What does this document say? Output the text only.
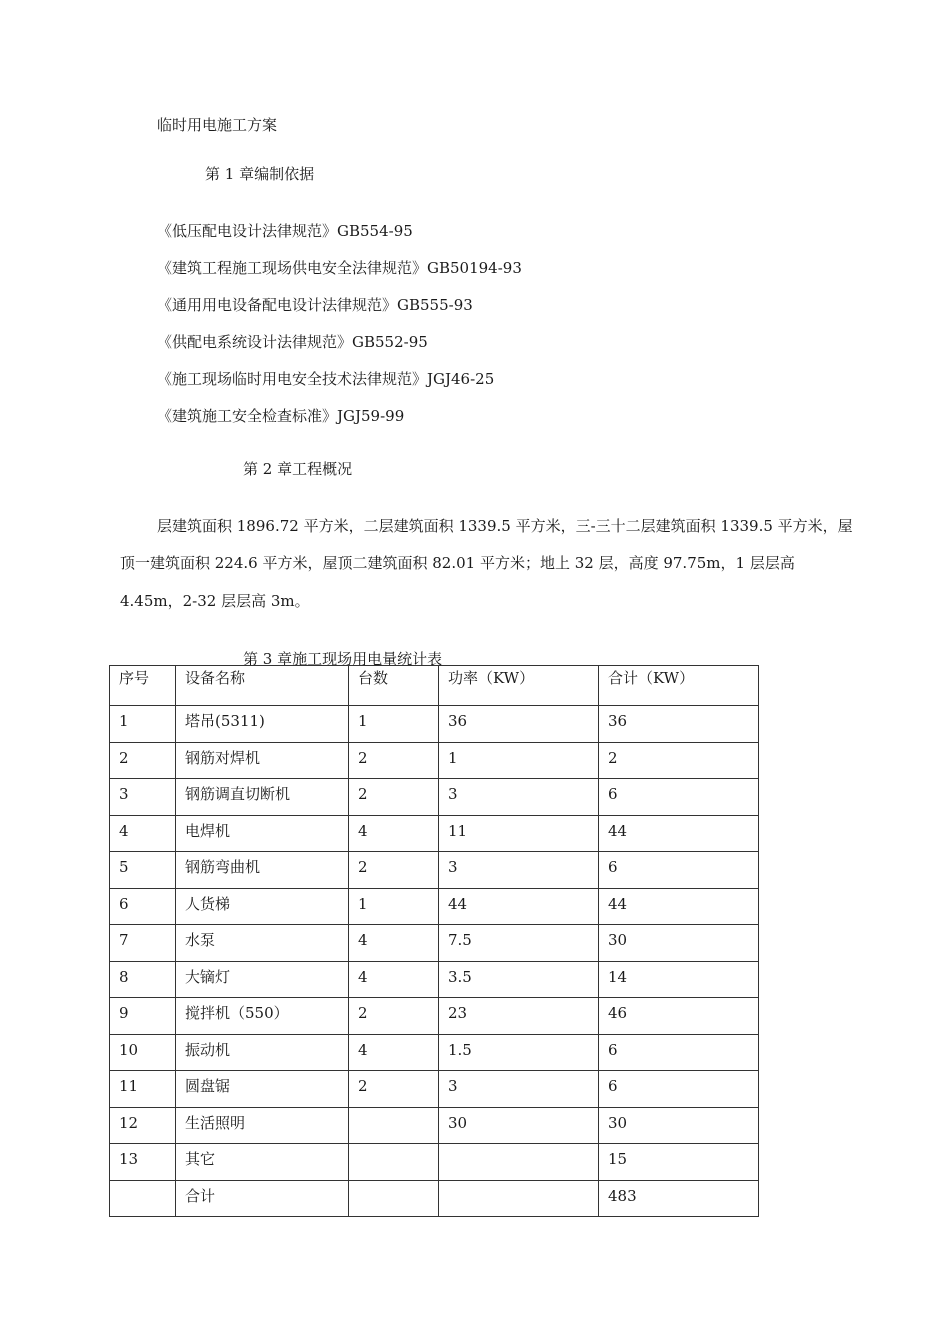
临时用电施工方案
第 1 章编制依据
《低压配电设计法律规范》GB554-95
《建筑工程施工现场供电安全法律规范》GB50194-93
《通用用电设备配电设计法律规范》GB555-93
《供配电系统设计法律规范》GB552-95
《施工现场临时用电安全技术法律规范》JGJ46-25
《建筑施工安全检查标准》JGJ59-99
第 2 章工程概况
层建筑面积 1896.72 平方米，二层建筑面积 1339.5 平方米，三-三十二层建筑面积 1339.5 平方米，屋
顶一建筑面积 224.6 平方米，屋顶二建筑面积 82.01 平方米；地上 32 层，高度 97.75m，1 层层高
4.45m，2-32 层层高 3m。
第 3 章施工现场用电量统计表
序号	设备名称	台数	功率（KW）	合计（KW）
1	塔吊(5311)	1	36	36
2	钢筋对焊机	2	1	2
3	钢筋调直切断机	2	3	6
4	电焊机	4	11	44
5	钢筋弯曲机	2	3	6
6	人货梯	1	44	44
7	水泵	4	7.5	30
8	大镝灯	4	3.5	14
9	搅拌机（550）	2	23	46
10	振动机	4	1.5	6
11	圆盘锯	2	3	6
12	生活照明		30	30
13	其它			15
	合计			483
